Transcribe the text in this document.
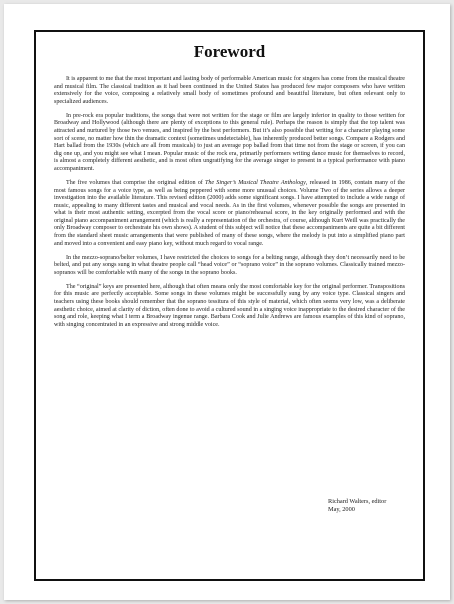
Foreword

It is apparent to me that the most important and lasting body of performable American music for singers has come from the musical theatre and musical film. The classical tradition as it had been continued in the United States has produced few major composers who have written extensively for the voice, composing a relatively small body of sometimes profound and beautiful literature, but often relevant only to specialized audiences.

In pre-rock era popular traditions, the songs that were not written for the stage or film are largely inferior in quality to those written for Broadway and Hollywood (although there are plenty of exceptions to this general rule). Perhaps the reason is simply that the top talent was attracted and nurtured by those two venues, and inspired by the best performers. But it’s also possible that writing for a character playing some sort of scene, no matter how thin the dramatic context (sometimes undetectable), has inherently produced better songs. Compare a Rodgers and Hart ballad from the 1930s (which are all from musicals) to just an average pop ballad from that time not from the stage or screen, if you can dig one up, and you might see what I mean. Popular music of the rock era, primarily performers writing dance music for themselves to record, is almost a completely different aesthetic, and is most often ungratifying for the average singer to present in a typical performance with piano accompaniment.

The five volumes that comprise the original edition of The Singer’s Musical Theatre Anthology, released in 1986, contain many of the most famous songs for a voice type, as well as being peppered with some more unusual choices. Volume Two of the series allows a deeper investigation into the available literature. This revised edition (2000) adds some significant songs. I have attempted to include a wide range of music, appealing to many different tastes and musical and vocal needs. As in the first volumes, whenever possible the songs are presented in what is their most authentic setting, excerpted from the vocal score or piano/rehearsal score, in the key originally performed and with the original piano accompaniment arrangement (which is really a representation of the orchestra, of course, although Kurt Weill was practically the only Broadway composer to orchestrate his own shows). A student of this subject will notice that these accompaniments are quite a bit different from the standard sheet music arrangements that were published of many of these songs, where the melody is put into a simplified piano part and moved into a convenient and easy piano key, without much regard to vocal range.

In the mezzo-soprano/belter volumes, I have restricted the choices to songs for a belting range, although they don’t necessarily need to be belted, and put any songs sung in what theatre people call “head voice” or “soprano voice” in the soprano volumes. Classically trained mezzo-sopranos will be comfortable with many of the songs in the soprano books.

The “original” keys are presented here, although that often means only the most comfortable key for the original performer. Transpositions for this music are perfectly acceptable. Some songs in these volumes might be successfully sung by any voice type. Classical singers and teachers using these books should remember that the soprano tessitura of this style of material, which often seems very low, was a deliberate aesthetic choice, aimed at clarity of diction, often done to avoid a cultured sound in a singing voice inappropriate to the desired character of the song and role, keeping what I term a Broadway ingenue range. Barbara Cook and Julie Andrews are famous examples of this kind of soprano, with singing concentrated in an expressive and strong middle voice.

Richard Walters, editor
May, 2000
